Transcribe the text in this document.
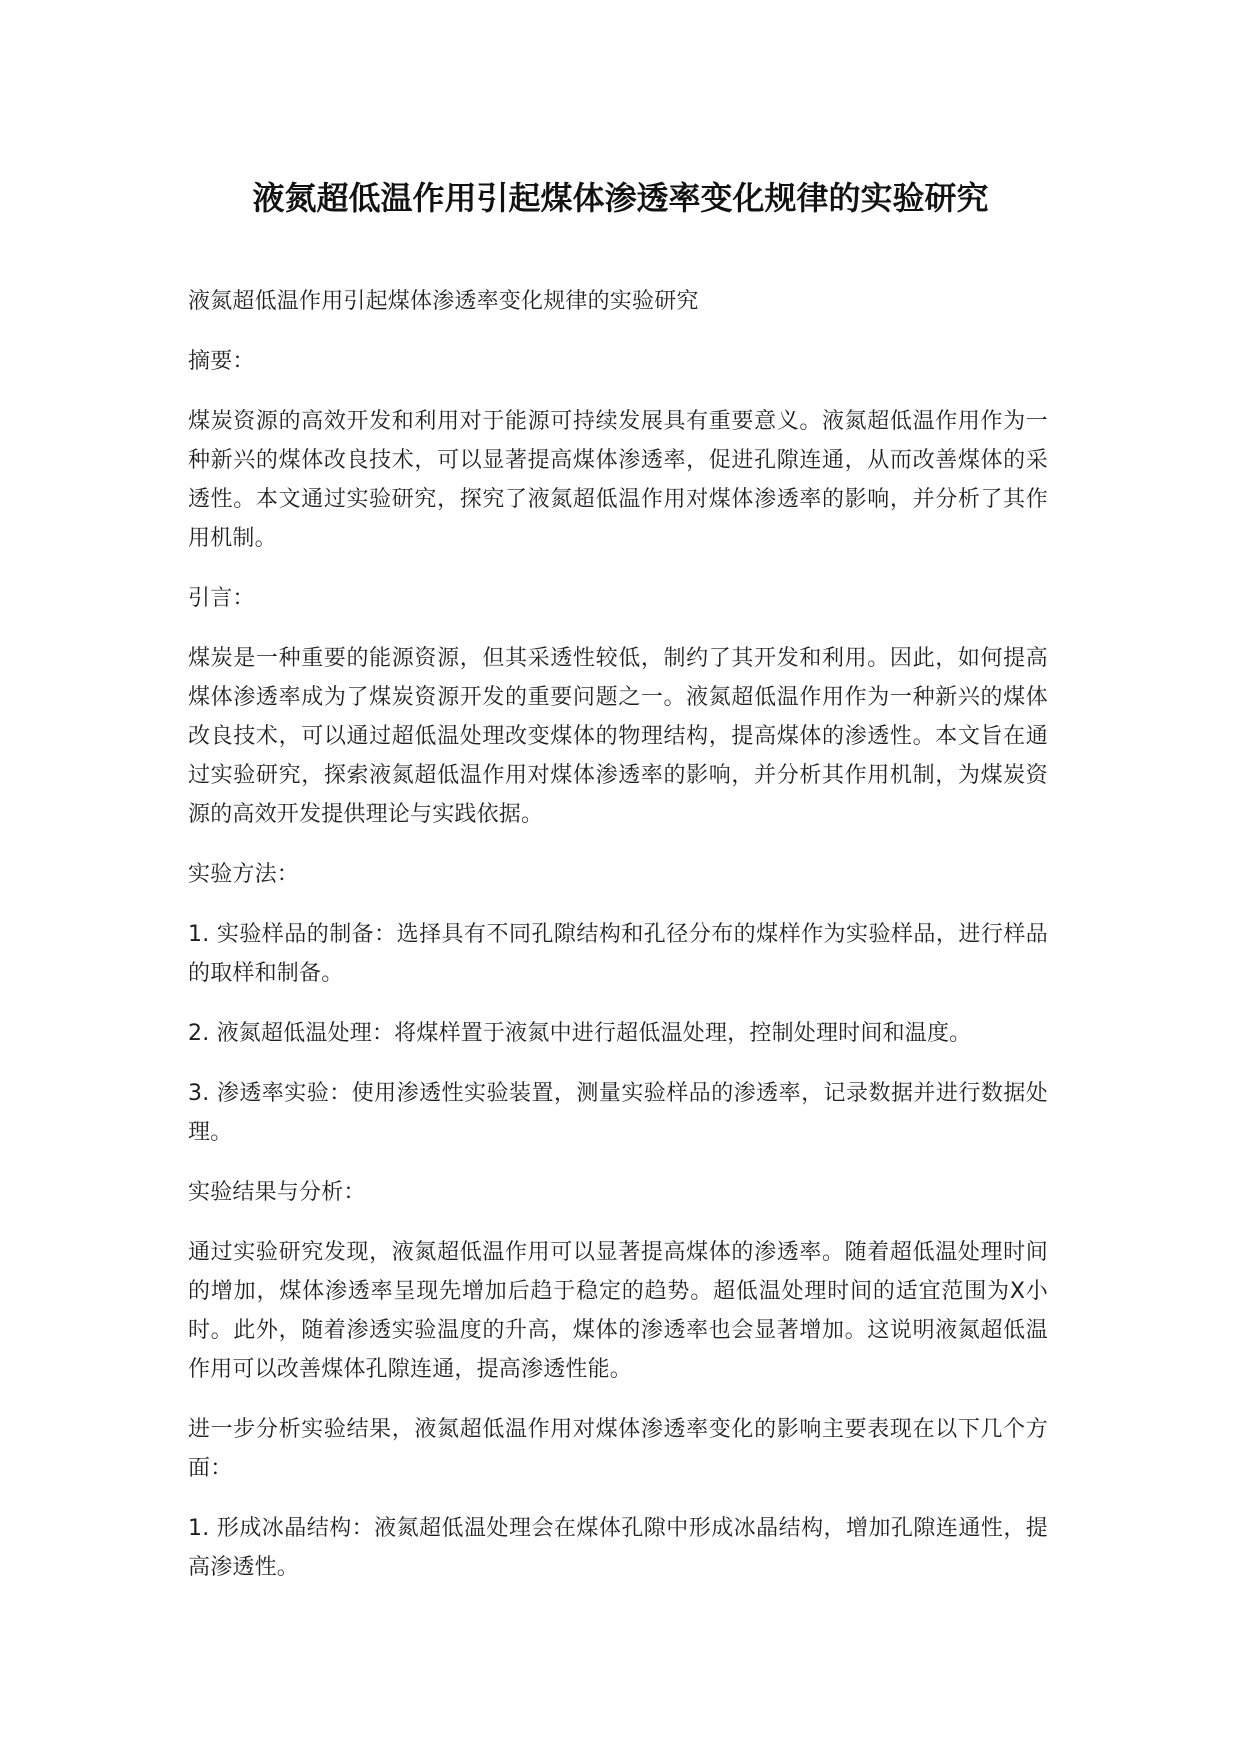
液氮超低温作用引起煤体渗透率变化规律的实验研究

液氮超低温作用引起煤体渗透率变化规律的实验研究

摘要：

煤炭资源的高效开发和利用对于能源可持续发展具有重要意义。液氮超低温作用作为一种新兴的煤体改良技术，可以显著提高煤体渗透率，促进孔隙连通，从而改善煤体的采透性。本文通过实验研究，探究了液氮超低温作用对煤体渗透率的影响，并分析了其作用机制。

引言：

煤炭是一种重要的能源资源，但其采透性较低，制约了其开发和利用。因此，如何提高煤体渗透率成为了煤炭资源开发的重要问题之一。液氮超低温作用作为一种新兴的煤体改良技术，可以通过超低温处理改变煤体的物理结构，提高煤体的渗透性。本文旨在通过实验研究，探索液氮超低温作用对煤体渗透率的影响，并分析其作用机制，为煤炭资源的高效开发提供理论与实践依据。

实验方法：

1. 实验样品的制备：选择具有不同孔隙结构和孔径分布的煤样作为实验样品，进行样品的取样和制备。

2. 液氮超低温处理：将煤样置于液氮中进行超低温处理，控制处理时间和温度。

3. 渗透率实验：使用渗透性实验装置，测量实验样品的渗透率，记录数据并进行数据处理。

实验结果与分析：

通过实验研究发现，液氮超低温作用可以显著提高煤体的渗透率。随着超低温处理时间的增加，煤体渗透率呈现先增加后趋于稳定的趋势。超低温处理时间的适宜范围为X小时。此外，随着渗透实验温度的升高，煤体的渗透率也会显著增加。这说明液氮超低温作用可以改善煤体孔隙连通，提高渗透性能。

进一步分析实验结果，液氮超低温作用对煤体渗透率变化的影响主要表现在以下几个方面：

1. 形成冰晶结构：液氮超低温处理会在煤体孔隙中形成冰晶结构，增加孔隙连通性，提高渗透性。
